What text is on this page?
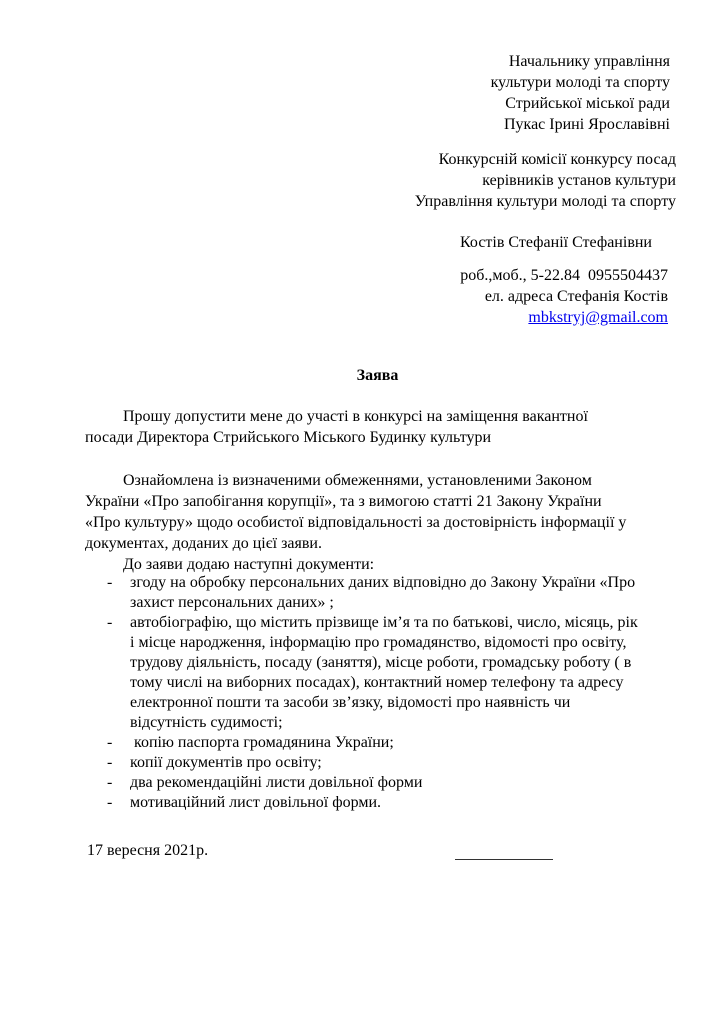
Начальнику управління
культури молоді та спорту
Стрийської міської ради
Пукас Ірині Ярославівні
Конкурсній комісії конкурсу посад
керівників установ культури
Управління культури молоді та спорту
Костів Стефанії Стефанівни
роб.,моб., 5-22.84  0955504437
ел. адреса Стефанія Костів
mbkstryj@gmail.com
Заява
Прошу допустити мене до участі в конкурсі на заміщення вакантної
посади Директора Стрийського Міського Будинку культури
Ознайомлена із визначеними обмеженнями, установленими Законом
України «Про запобігання корупції», та з вимогою статті 21 Закону України
«Про культуру» щодо особистої відповідальності за достовірність інформації у
документах, доданих до цієї заяви.
До заяви додаю наступні документи:
-	згоду на обробку персональних даних відповідно до Закону України «Про
захист персональних даних» ;
-	автобіографію, що містить прізвище ім’я та по батькові, число, місяць, рік
і місце народження, інформацію про громадянство, відомості про освіту,
трудову діяльність, посаду (заняття), місце роботи, громадську роботу ( в
тому числі на виборних посадах), контактний номер телефону та адресу
електронної пошти та засоби зв’язку, відомості про наявність чи
відсутність судимості;
-	копію паспорта громадянина України;
-	копії документів про освіту;
-	два рекомендаційні листи довільної форми
-	мотиваційний лист довільної форми.
17 вересня 2021р.
